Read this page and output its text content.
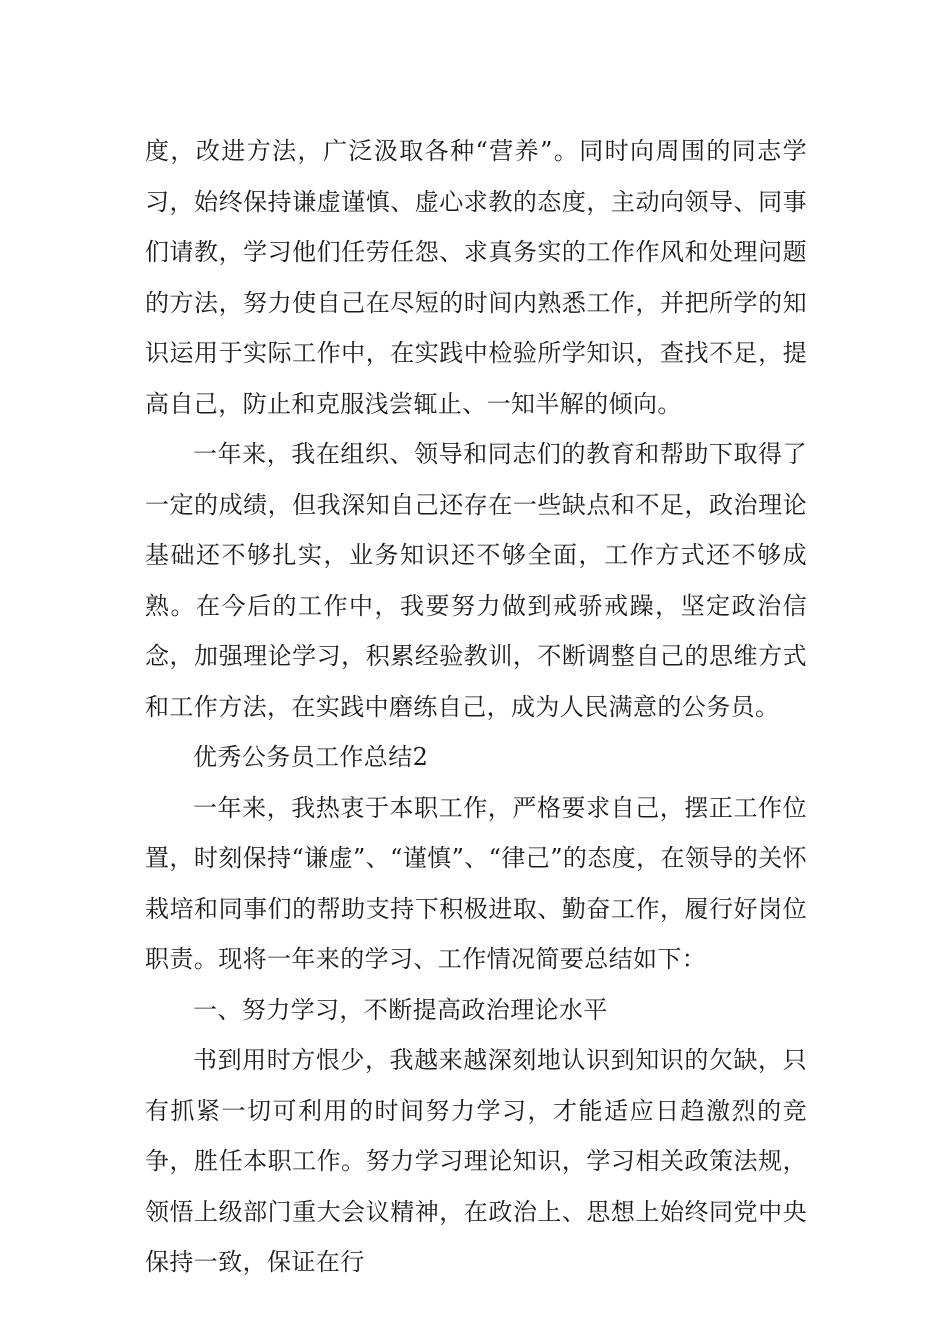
度，改进方法，广泛汲取各种“营养”。同时向周围的同志学习，始终保持谦虚谨慎、虚心求教的态度，主动向领导、同事们请教，学习他们任劳任怨、求真务实的工作作风和处理问题的方法，努力使自己在尽短的时间内熟悉工作，并把所学的知识运用于实际工作中，在实践中检验所学知识，查找不足，提高自己，防止和克服浅尝辄止、一知半解的倾向。

一年来，我在组织、领导和同志们的教育和帮助下取得了一定的成绩，但我深知自己还存在一些缺点和不足，政治理论基础还不够扎实，业务知识还不够全面，工作方式还不够成熟。在今后的工作中，我要努力做到戒骄戒躁，坚定政治信念，加强理论学习，积累经验教训，不断调整自己的思维方式和工作方法，在实践中磨练自己，成为人民满意的公务员。

优秀公务员工作总结2

一年来，我热衷于本职工作，严格要求自己，摆正工作位置，时刻保持“谦虚”、“谨慎”、“律己”的态度，在领导的关怀栽培和同事们的帮助支持下积极进取、勤奋工作，履行好岗位职责。现将一年来的学习、工作情况简要总结如下：

一、努力学习，不断提高政治理论水平

书到用时方恨少，我越来越深刻地认识到知识的欠缺，只有抓紧一切可利用的时间努力学习，才能适应日趋激烈的竞争，胜任本职工作。努力学习理论知识，学习相关政策法规，领悟上级部门重大会议精神，在政治上、思想上始终同党中央保持一致，保证在行
